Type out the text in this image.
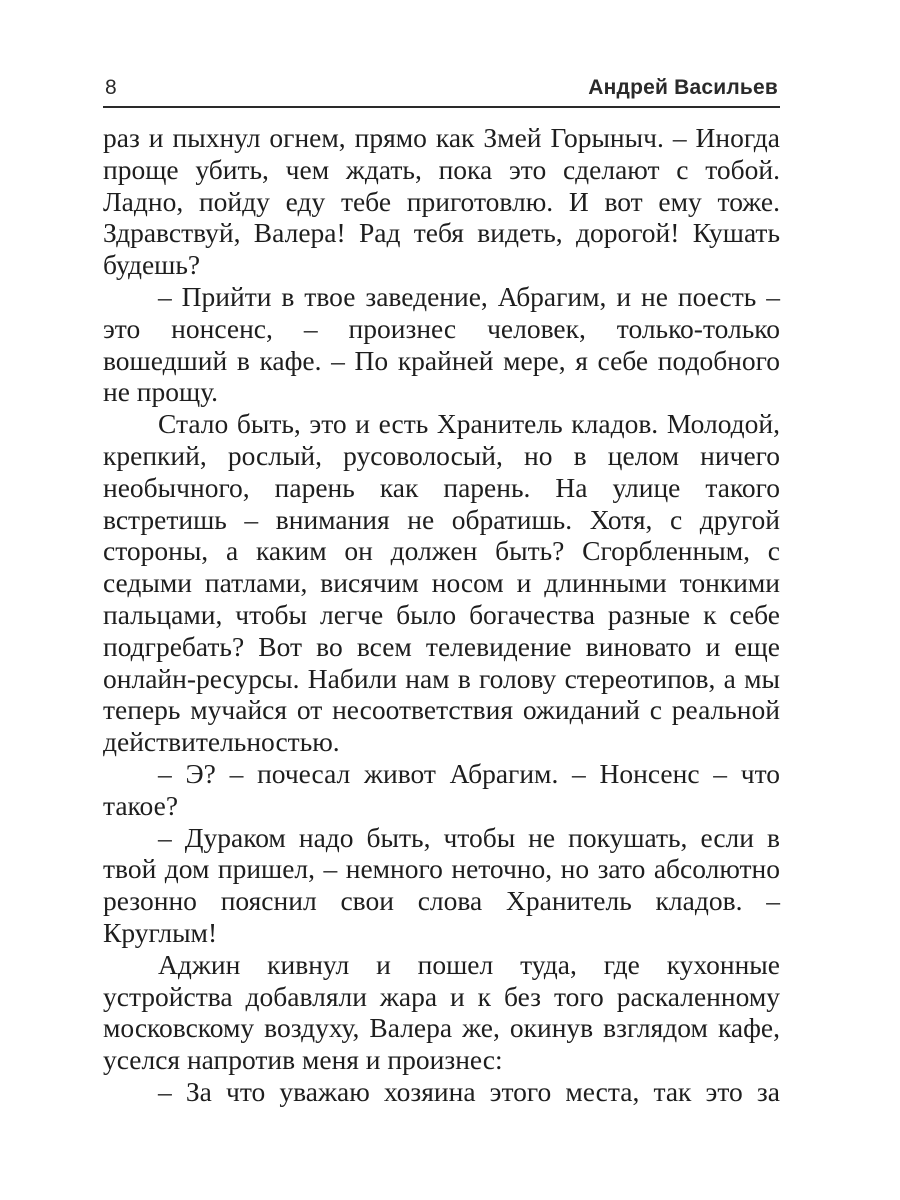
8	Андрей Васильев

раз и пыхнул огнем, прямо как Змей Горыныч. – Иногда проще убить, чем ждать, пока это сделают с тобой. Ладно, пойду еду тебе приготовлю. И вот ему тоже. Здравствуй, Валера! Рад тебя видеть, дорогой! Кушать будешь?

– Прийти в твое заведение, Абрагим, и не поесть – это нонсенс, – произнес человек, только-только вошедший в кафе. – По крайней мере, я себе подобного не прощу.

Стало быть, это и есть Хранитель кладов. Молодой, крепкий, рослый, русоволосый, но в целом ничего необычного, парень как парень. На улице такого встретишь – внимания не обратишь. Хотя, с другой стороны, а каким он должен быть? Сгорбленным, с седыми патлами, висячим носом и длинными тонкими пальцами, чтобы легче было богачества разные к себе подгребать? Вот во всем телевидение виновато и еще онлайн-ресурсы. Набили нам в голову стереотипов, а мы теперь мучайся от несоответствия ожиданий с реальной действительностью.

– Э? – почесал живот Абрагим. – Нонсенс – что такое?

– Дураком надо быть, чтобы не покушать, если в твой дом пришел, – немного неточно, но зато абсолютно резонно пояснил свои слова Хранитель кладов. – Круглым!

Аджин кивнул и пошел туда, где кухонные устройства добавляли жара и к без того раскаленному московскому воздуху, Валера же, окинув взглядом кафе, уселся напротив меня и произнес:

– За что уважаю хозяина этого места, так это за
